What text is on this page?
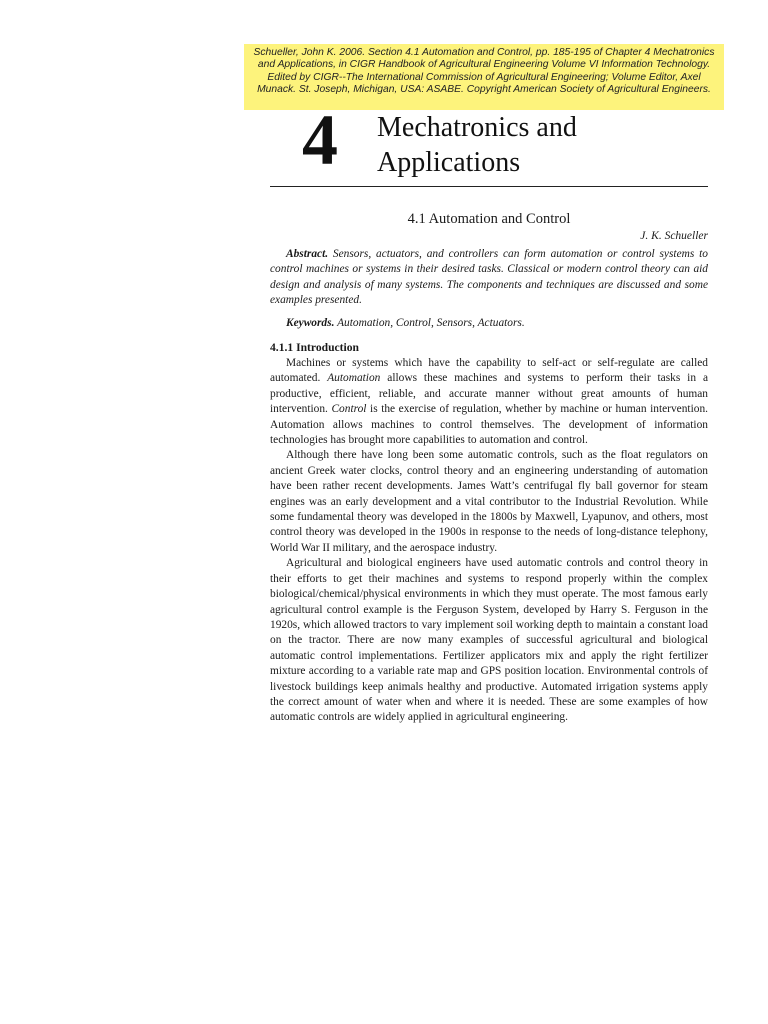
Schueller, John K. 2006. Section 4.1 Automation and Control, pp. 185-195 of Chapter 4 Mechatronics and Applications, in CIGR Handbook of Agricultural Engineering Volume VI Information Technology. Edited by CIGR--The International Commission of Agricultural Engineering; Volume Editor, Axel Munack. St. Joseph, Michigan, USA: ASABE. Copyright American Society of Agricultural Engineers.
4 Mechatronics and Applications
4.1 Automation and Control
J. K. Schueller
Abstract. Sensors, actuators, and controllers can form automation or control systems to control machines or systems in their desired tasks. Classical or modern control theory can aid design and analysis of many systems. The components and techniques are discussed and some examples presented.
Keywords. Automation, Control, Sensors, Actuators.
4.1.1 Introduction

Machines or systems which have the capability to self-act or self-regulate are called automated. Automation allows these machines and systems to perform their tasks in a productive, efficient, reliable, and accurate manner without great amounts of human intervention. Control is the exercise of regulation, whether by machine or human intervention. Automation allows machines to control themselves. The development of information technologies has brought more capabilities to automation and control.

Although there have long been some automatic controls, such as the float regulators on ancient Greek water clocks, control theory and an engineering understanding of automation have been rather recent developments. James Watt’s centrifugal fly ball governor for steam engines was an early development and a vital contributor to the Industrial Revolution. While some fundamental theory was developed in the 1800s by Maxwell, Lyapunov, and others, most control theory was developed in the 1900s in response to the needs of long-distance telephony, World War II military, and the aerospace industry.

Agricultural and biological engineers have used automatic controls and control theory in their efforts to get their machines and systems to respond properly within the complex biological/chemical/physical environments in which they must operate. The most famous early agricultural control example is the Ferguson System, developed by Harry S. Ferguson in the 1920s, which allowed tractors to vary implement soil working depth to maintain a constant load on the tractor. There are now many examples of successful agricultural and biological automatic control implementations. Fertilizer applicators mix and apply the right fertilizer mixture according to a variable rate map and GPS position location. Environmental controls of livestock buildings keep animals healthy and productive. Automated irrigation systems apply the correct amount of water when and where it is needed. These are some examples of how automatic controls are widely applied in agricultural engineering.
